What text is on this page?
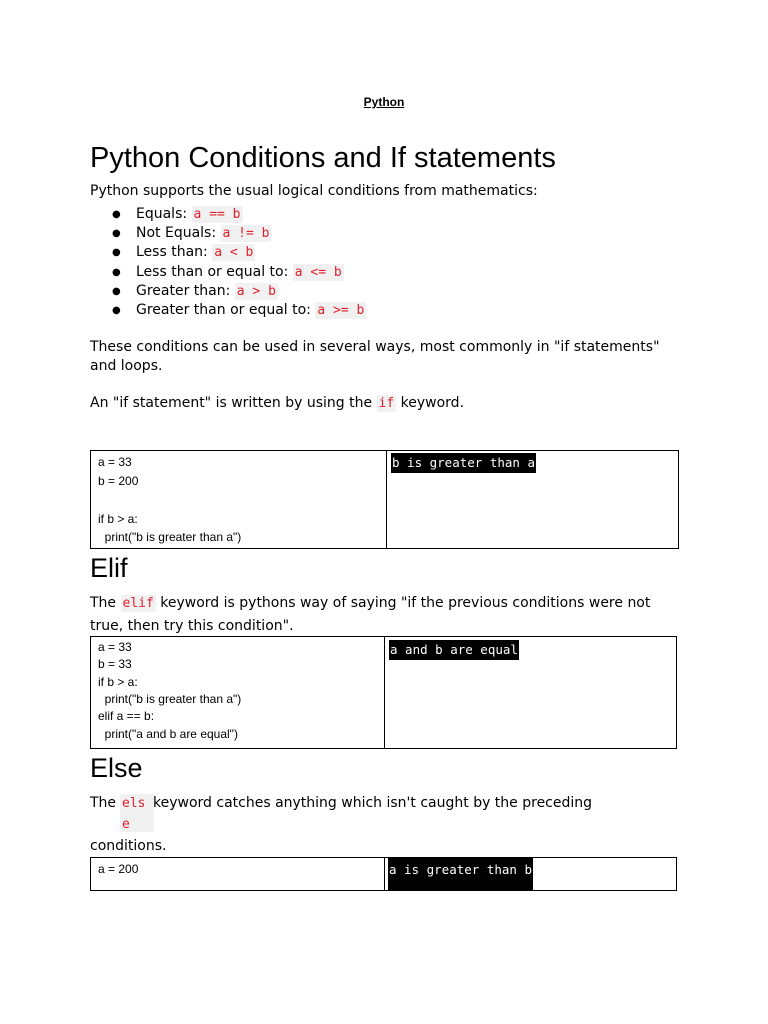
Python
Python Conditions and If statements
Python supports the usual logical conditions from mathematics:
● Equals: a == b
● Not Equals: a != b
● Less than: a < b
● Less than or equal to: a <= b
● Greater than: a > b
● Greater than or equal to: a >= b
These conditions can be used in several ways, most commonly in "if statements"
and loops.
An "if statement" is written by using the if keyword.
a = 33
b = 200
if b > a:
print("b is greater than a")
b is greater than a
Elif
The elif keyword is pythons way of saying "if the previous conditions were not
true, then try this condition".
a = 33
b = 33
if b > a:
print("b is greater than a")
elif a == b:
print("a and b are equal")
a and b are equal
Else
The els
e
keyword catches anything which isn't caught by the preceding
conditions.
a = 200	a is greater than b
